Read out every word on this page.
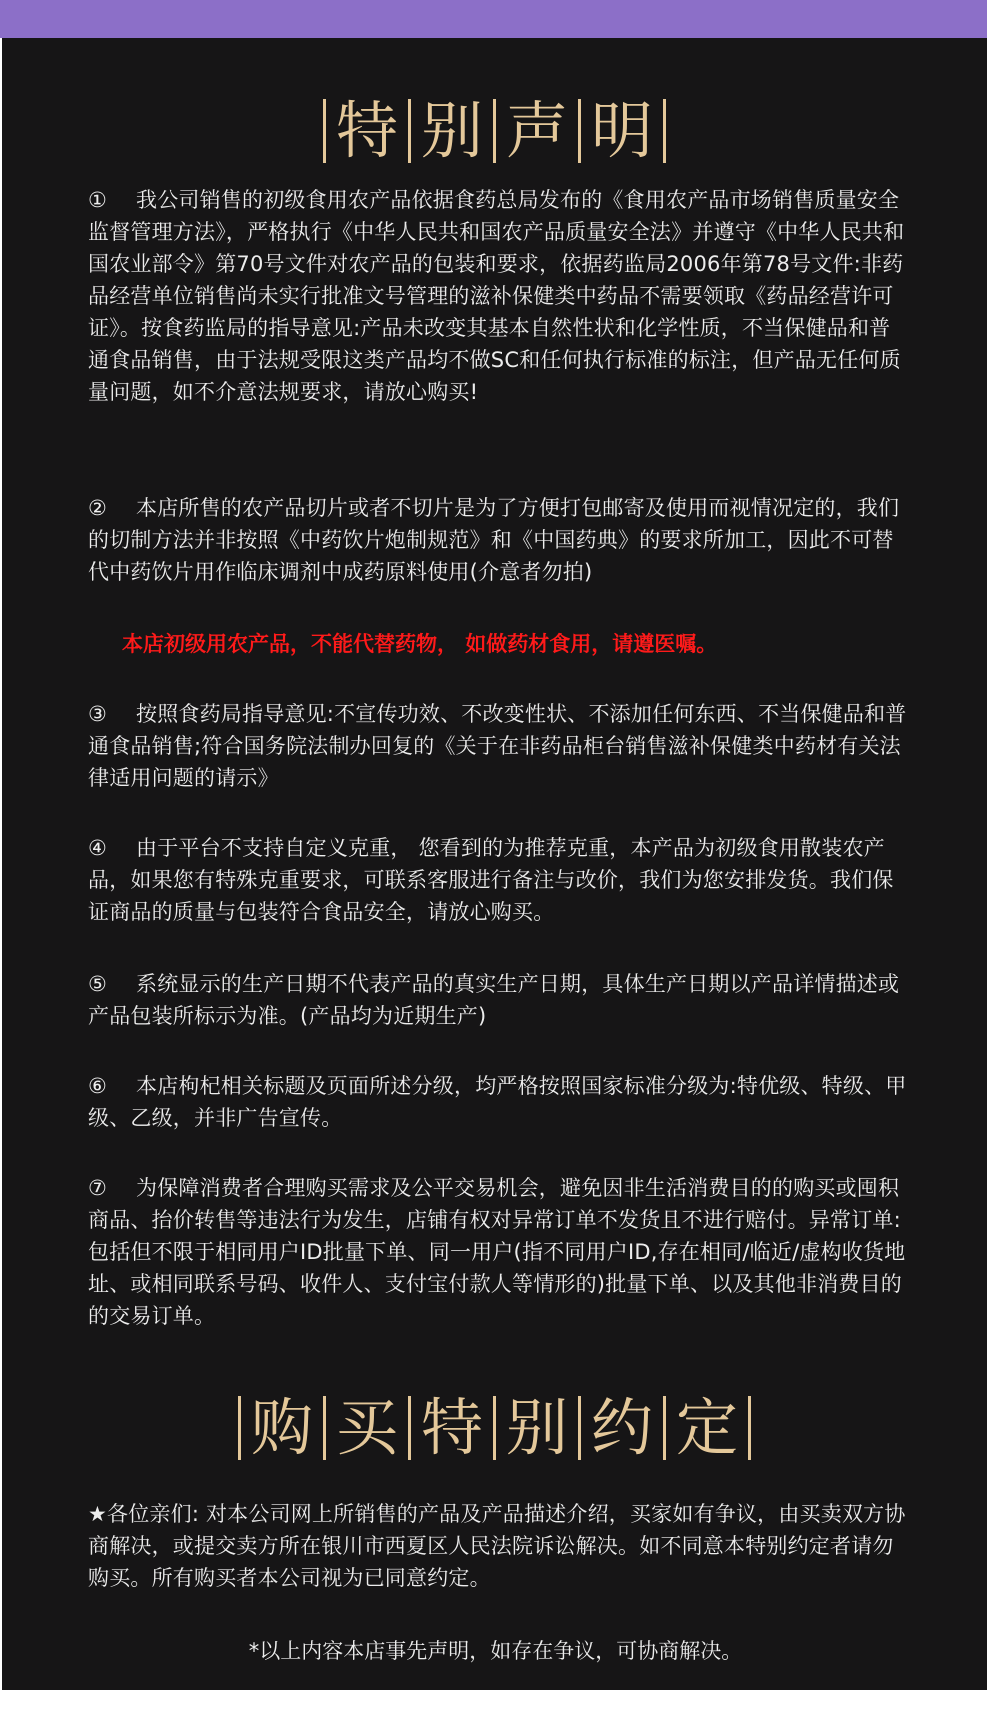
特 别 声 明
① 我公司销售的初级食用农产品依据食药总局发布的《食用农产品市场销售质量安全监督管理方法》，严格执行《中华人民共和国农产品质量安全法》并遵守《中华人民共和国农业部令》第70号文件对农产品的包装和要求，依据药监局2006年第78号文件:非药品经营单位销售尚未实行批准文号管理的滋补保健类中药品不需要领取《药品经营许可证》。按食药监局的指导意见:产品未改变其基本自然性状和化学性质，不当保健品和普通食品销售，由于法规受限这类产品均不做SC和任何执行标准的标注，但产品无任何质量问题，如不介意法规要求，请放心购买!
② 本店所售的农产品切片或者不切片是为了方便打包邮寄及使用而视情况定的，我们的切制方法并非按照《中药饮片炮制规范》和《中国药典》的要求所加工，因此不可替代中药饮片用作临床调剂中成药原料使用(介意者勿拍)
本店初级用农产品，不能代替药物， 如做药材食用，请遵医嘱。
③ 按照食药局指导意见:不宣传功效、不改变性状、不添加任何东西、不当保健品和普通食品销售;符合国务院法制办回复的《关于在非药品柜台销售滋补保健类中药材有关法律适用问题的请示》
④ 由于平台不支持自定义克重， 您看到的为推荐克重，本产品为初级食用散装农产品，如果您有特殊克重要求，可联系客服进行备注与改价，我们为您安排发货。我们保证商品的质量与包装符合食品安全，请放心购买。
⑤ 系统显示的生产日期不代表产品的真实生产日期，具体生产日期以产品详情描述或产品包装所标示为准。(产品均为近期生产)
⑥ 本店枸杞相关标题及页面所述分级，均严格按照国家标准分级为:特优级、特级、甲级、乙级，并非广告宣传。
⑦ 为保障消费者合理购买需求及公平交易机会，避免因非生活消费目的的购买或囤积商品、抬价转售等违法行为发生，店铺有权对异常订单不发货且不进行赔付。异常订单: 包括但不限于相同用户ID批量下单、同一用户(指不同用户ID,存在相同/临近/虚构收货地址、或相同联系号码、收件人、支付宝付款人等情形的)批量下单、以及其他非消费目的的交易订单。
购 买 特 别 约 定
★各位亲们: 对本公司网上所销售的产品及产品描述介绍，买家如有争议，由买卖双方协商解决，或提交卖方所在银川市西夏区人民法院诉讼解决。如不同意本特别约定者请勿购买。所有购买者本公司视为已同意约定。
*以上内容本店事先声明，如存在争议，可协商解决。
